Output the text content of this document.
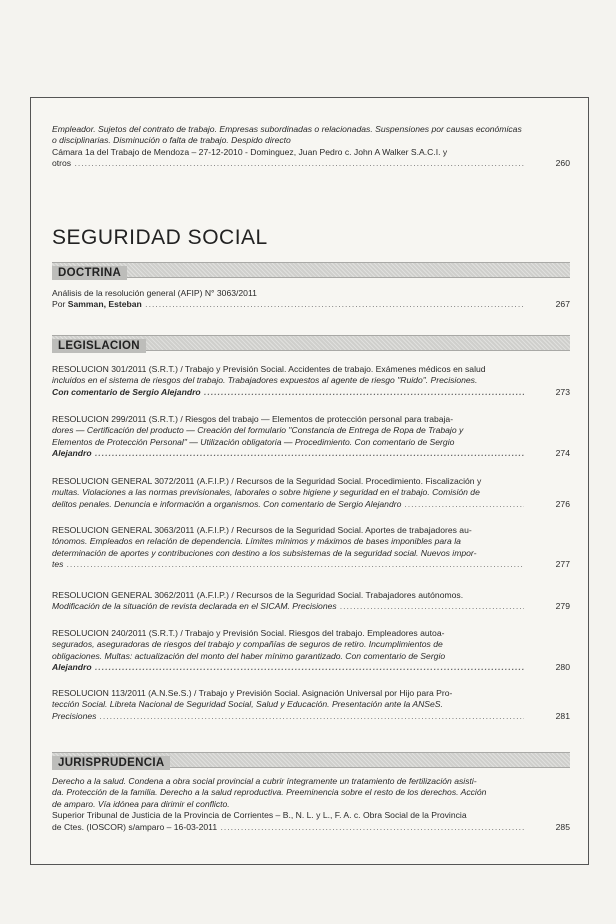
Empleador. Sujetos del contrato de trabajo. Empresas subordinadas o relacionadas. Suspensiones por causas económicas o disciplinarias. Disminución o falta de trabajo. Despido directo
Cámara 1a del Trabajo de Mendoza – 27-12-2010 - Dominguez, Juan Pedro c. John A Walker S.A.C.I. y
otros .....	260
SEGURIDAD SOCIAL
DOCTRINA
Análisis de la resolución general (AFIP) N° 3063/2011
Por Samman, Esteban .....	267
LEGISLACION
RESOLUCION 301/2011 (S.R.T.) / Trabajo y Previsión Social. Accidentes de trabajo. Exámenes médicos en salud
incluidos en el sistema de riesgos del trabajo. Trabajadores expuestos al agente de riesgo "Ruido". Precisiones.
Con comentario de Sergio Alejandro .....	273
RESOLUCION 299/2011 (S.R.T.) / Riesgos del trabajo — Elementos de protección personal para trabaja-
dores — Certificación del producto — Creación del formulario "Constancia de Entrega de Ropa de Trabajo y
Elementos de Protección Personal" — Utilización obligatoria — Procedimiento. Con comentario de Sergio
Alejandro .....	274
RESOLUCION GENERAL 3072/2011 (A.F.I.P.) / Recursos de la Seguridad Social. Procedimiento. Fiscalización y
multas. Violaciones a las normas previsionales, laborales o sobre higiene y seguridad en el trabajo. Comisión de
delitos penales. Denuncia e información a organismos. Con comentario de Sergio Alejandro .....	276
RESOLUCION GENERAL 3063/2011 (A.F.I.P.) / Recursos de la Seguridad Social. Aportes de trabajadores au-
tónomos. Empleados en relación de dependencia. Límites mínimos y máximos de bases imponibles para la
determinación de aportes y contribuciones con destino a los subsistemas de la seguridad social. Nuevos impor-
tes .....	277
RESOLUCION GENERAL 3062/2011 (A.F.I.P.) / Recursos de la Seguridad Social. Trabajadores autónomos.
Modificación de la situación de revista declarada en el SICAM. Precisiones .....	279
RESOLUCION 240/2011 (S.R.T.) / Trabajo y Previsión Social. Riesgos del trabajo. Empleadores autoa-
segurados, aseguradoras de riesgos del trabajo y compañías de seguros de retiro. Incumplimientos de
obligaciones. Multas: actualización del monto del haber mínimo garantizado. Con comentario de Sergio
Alejandro .....	280
RESOLUCION 113/2011 (A.N.Se.S.) / Trabajo y Previsión Social. Asignación Universal por Hijo para Pro-
tección Social. Libreta Nacional de Seguridad Social, Salud y Educación. Presentación ante la ANSeS.
Precisiones .....	281
JURISPRUDENCIA
Derecho a la salud. Condena a obra social provincial a cubrir íntegramente un tratamiento de fertilización asisti-
da. Protección de la familia. Derecho a la salud reproductiva. Preeminencia sobre el resto de los derechos. Acción
de amparo. Vía idónea para dirimir el conflicto.
Superior Tribunal de Justicia de la Provincia de Corrientes – B., N. L. y L., F. A. c. Obra Social de la Provincia
de Ctes. (IOSCOR) s/amparo – 16-03-2011 .....	285
